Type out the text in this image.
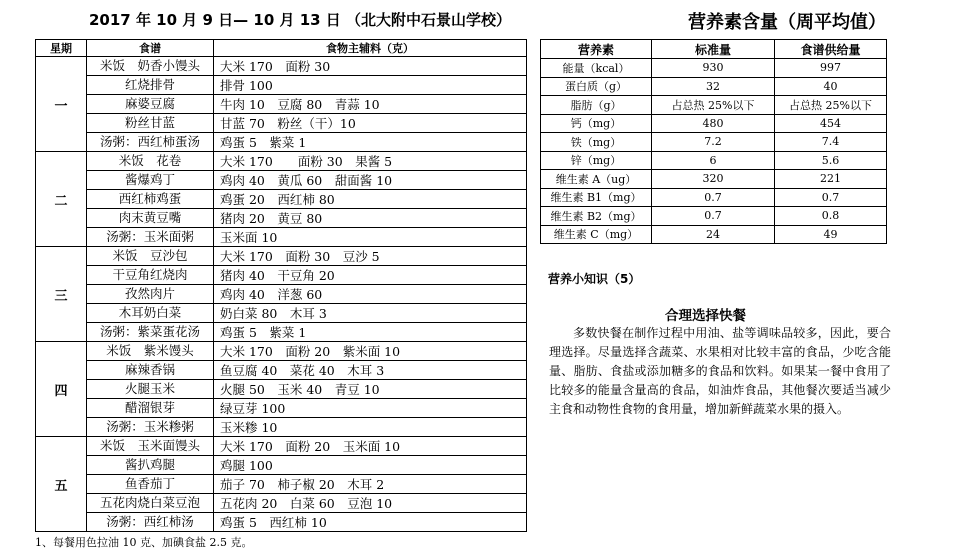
2017 年 10 月 9 日— 10 月 13 日 （北大附中石景山学校）	营养素含量（周平均值）
星期	食谱	食物主辅料（克）
一	米饭　奶香小馒头	大米 170　面粉 30
	红烧排骨	排骨 100
	麻婆豆腐	牛肉 10　豆腐 80　青蒜 10
	粉丝甘蓝	甘蓝 70　粉丝（干）10
	汤粥：西红柿蛋汤	鸡蛋 5　紫菜 1
二	米饭　花卷	大米 170　　面粉 30　果酱 5
	酱爆鸡丁	鸡肉 40　黄瓜 60　甜面酱 10
	西红柿鸡蛋	鸡蛋 20　西红柿 80
	肉末黄豆嘴	猪肉 20　黄豆 80
	汤粥：玉米面粥	玉米面 10
三	米饭　豆沙包	大米 170　面粉 30　豆沙 5
	干豆角红烧肉	猪肉 40　干豆角 20
	孜然肉片	鸡肉 40　洋葱 60
	木耳奶白菜	奶白菜 80　木耳 3
	汤粥：紫菜蛋花汤	鸡蛋 5　紫菜 1
四	米饭　紫米馒头	大米 170　面粉 20　紫米面 10
	麻辣香锅	鱼豆腐 40　菜花 40　木耳 3
	火腿玉米	火腿 50　玉米 40　青豆 10
	醋溜银芽	绿豆芽 100
	汤粥：玉米糁粥	玉米糁 10
五	米饭　玉米面馒头	大米 170　面粉 20　玉米面 10
	酱扒鸡腿	鸡腿 100
	鱼香茄丁	茄子 70　柿子椒 20　木耳 2
	五花肉烧白菜豆泡	五花肉 20　白菜 60　豆泡 10
	汤粥：西红柿汤	鸡蛋 5　西红柿 10
营养素	标准量	食谱供给量
能量（kcal）	930	997
蛋白质（g）	32	40
脂肪（g）	占总热 25%以下	占总热 25%以下
钙（mg）	480	454
铁（mg）	7.2	7.4
锌（mg）	6	5.6
维生素 A（ug）	320	221
维生素 B1（mg）	0.7	0.7
维生素 B2（mg）	0.7	0.8
维生素 C（mg）	24	49
营养小知识（5）
合理选择快餐
多数快餐在制作过程中用油、盐等调味品较多，因此，要合理选择。尽量选择含蔬菜、水果相对比较丰富的食品，少吃含能量、脂肪、食盐或添加糖多的食品和饮料。如果某一餐中食用了比较多的能量含量高的食品，如油炸食品，其他餐次要适当减少主食和动物性食物的食用量，增加新鲜蔬菜水果的摄入。
1、每餐用色拉油 10 克、加碘食盐 2.5 克。
